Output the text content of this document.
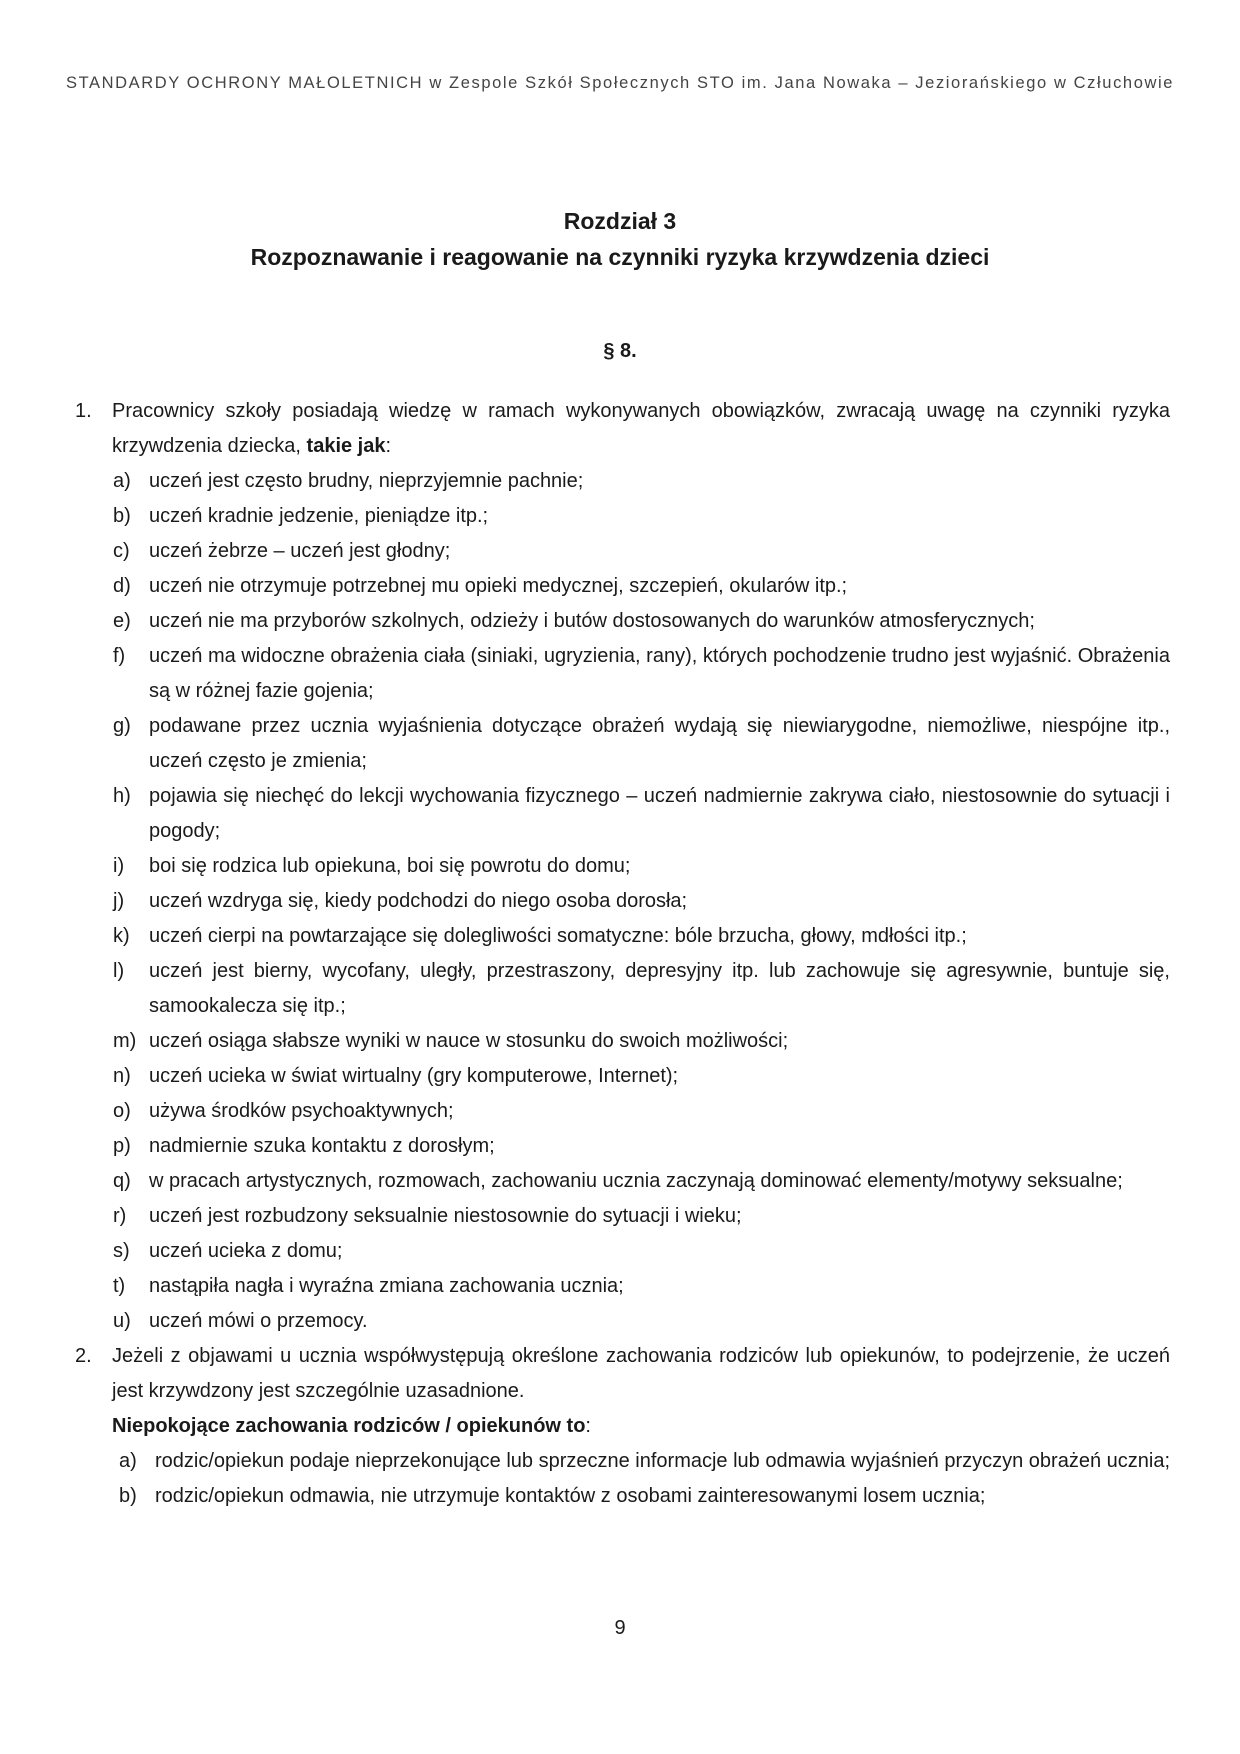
STANDARDY OCHRONY MAŁOLETNICH w Zespole Szkół Społecznych STO im. Jana Nowaka – Jeziorańskiego w Człuchowie
Rozdział 3
Rozpoznawanie i reagowanie na czynniki ryzyka krzywdzenia dzieci
§ 8.
1. Pracownicy szkoły posiadają wiedzę w ramach wykonywanych obowiązków, zwracają uwagę na czynniki ryzyka krzywdzenia dziecka, takie jak:
a) uczeń jest często brudny, nieprzyjemnie pachnie;
b) uczeń kradnie jedzenie, pieniądze itp.;
c) uczeń żebrze – uczeń jest głodny;
d) uczeń nie otrzymuje potrzebnej mu opieki medycznej, szczepień, okularów itp.;
e) uczeń nie ma przyborów szkolnych, odzieży i butów dostosowanych do warunków atmosferycznych;
f) uczeń ma widoczne obrażenia ciała (siniaki, ugryzienia, rany), których pochodzenie trudno jest wyjaśnić. Obrażenia są w różnej fazie gojenia;
g) podawane przez ucznia wyjaśnienia dotyczące obrażeń wydają się niewiarygodne, niemożliwe, niespójne itp., uczeń często je zmienia;
h) pojawia się niechęć do lekcji wychowania fizycznego – uczeń nadmiernie zakrywa ciało, niestosownie do sytuacji i pogody;
i) boi się rodzica lub opiekuna, boi się powrotu do domu;
j) uczeń wzdryga się, kiedy podchodzi do niego osoba dorosła;
k) uczeń cierpi na powtarzające się dolegliwości somatyczne: bóle brzucha, głowy, mdłości itp.;
l) uczeń jest bierny, wycofany, uległy, przestraszony, depresyjny itp. lub zachowuje się agresywnie, buntuje się, samookalecza się itp.;
m) uczeń osiąga słabsze wyniki w nauce w stosunku do swoich możliwości;
n) uczeń ucieka w świat wirtualny (gry komputerowe, Internet);
o) używa środków psychoaktywnych;
p) nadmiernie szuka kontaktu z dorosłym;
q) w pracach artystycznych, rozmowach, zachowaniu ucznia zaczynają dominować elementy/motywy seksualne;
r) uczeń jest rozbudzony seksualnie niestosownie do sytuacji i wieku;
s) uczeń ucieka z domu;
t) nastąpiła nagła i wyraźna zmiana zachowania ucznia;
u) uczeń mówi o przemocy.
2. Jeżeli z objawami u ucznia współwystępują określone zachowania rodziców lub opiekunów, to podejrzenie, że uczeń jest krzywdzony jest szczególnie uzasadnione.
Niepokojące zachowania rodziców / opiekunów to:
a) rodzic/opiekun podaje nieprzekonujące lub sprzeczne informacje lub odmawia wyjaśnień przyczyn obrażeń ucznia;
b) rodzic/opiekun odmawia, nie utrzymuje kontaktów z osobami zainteresowanymi losem ucznia;
9
